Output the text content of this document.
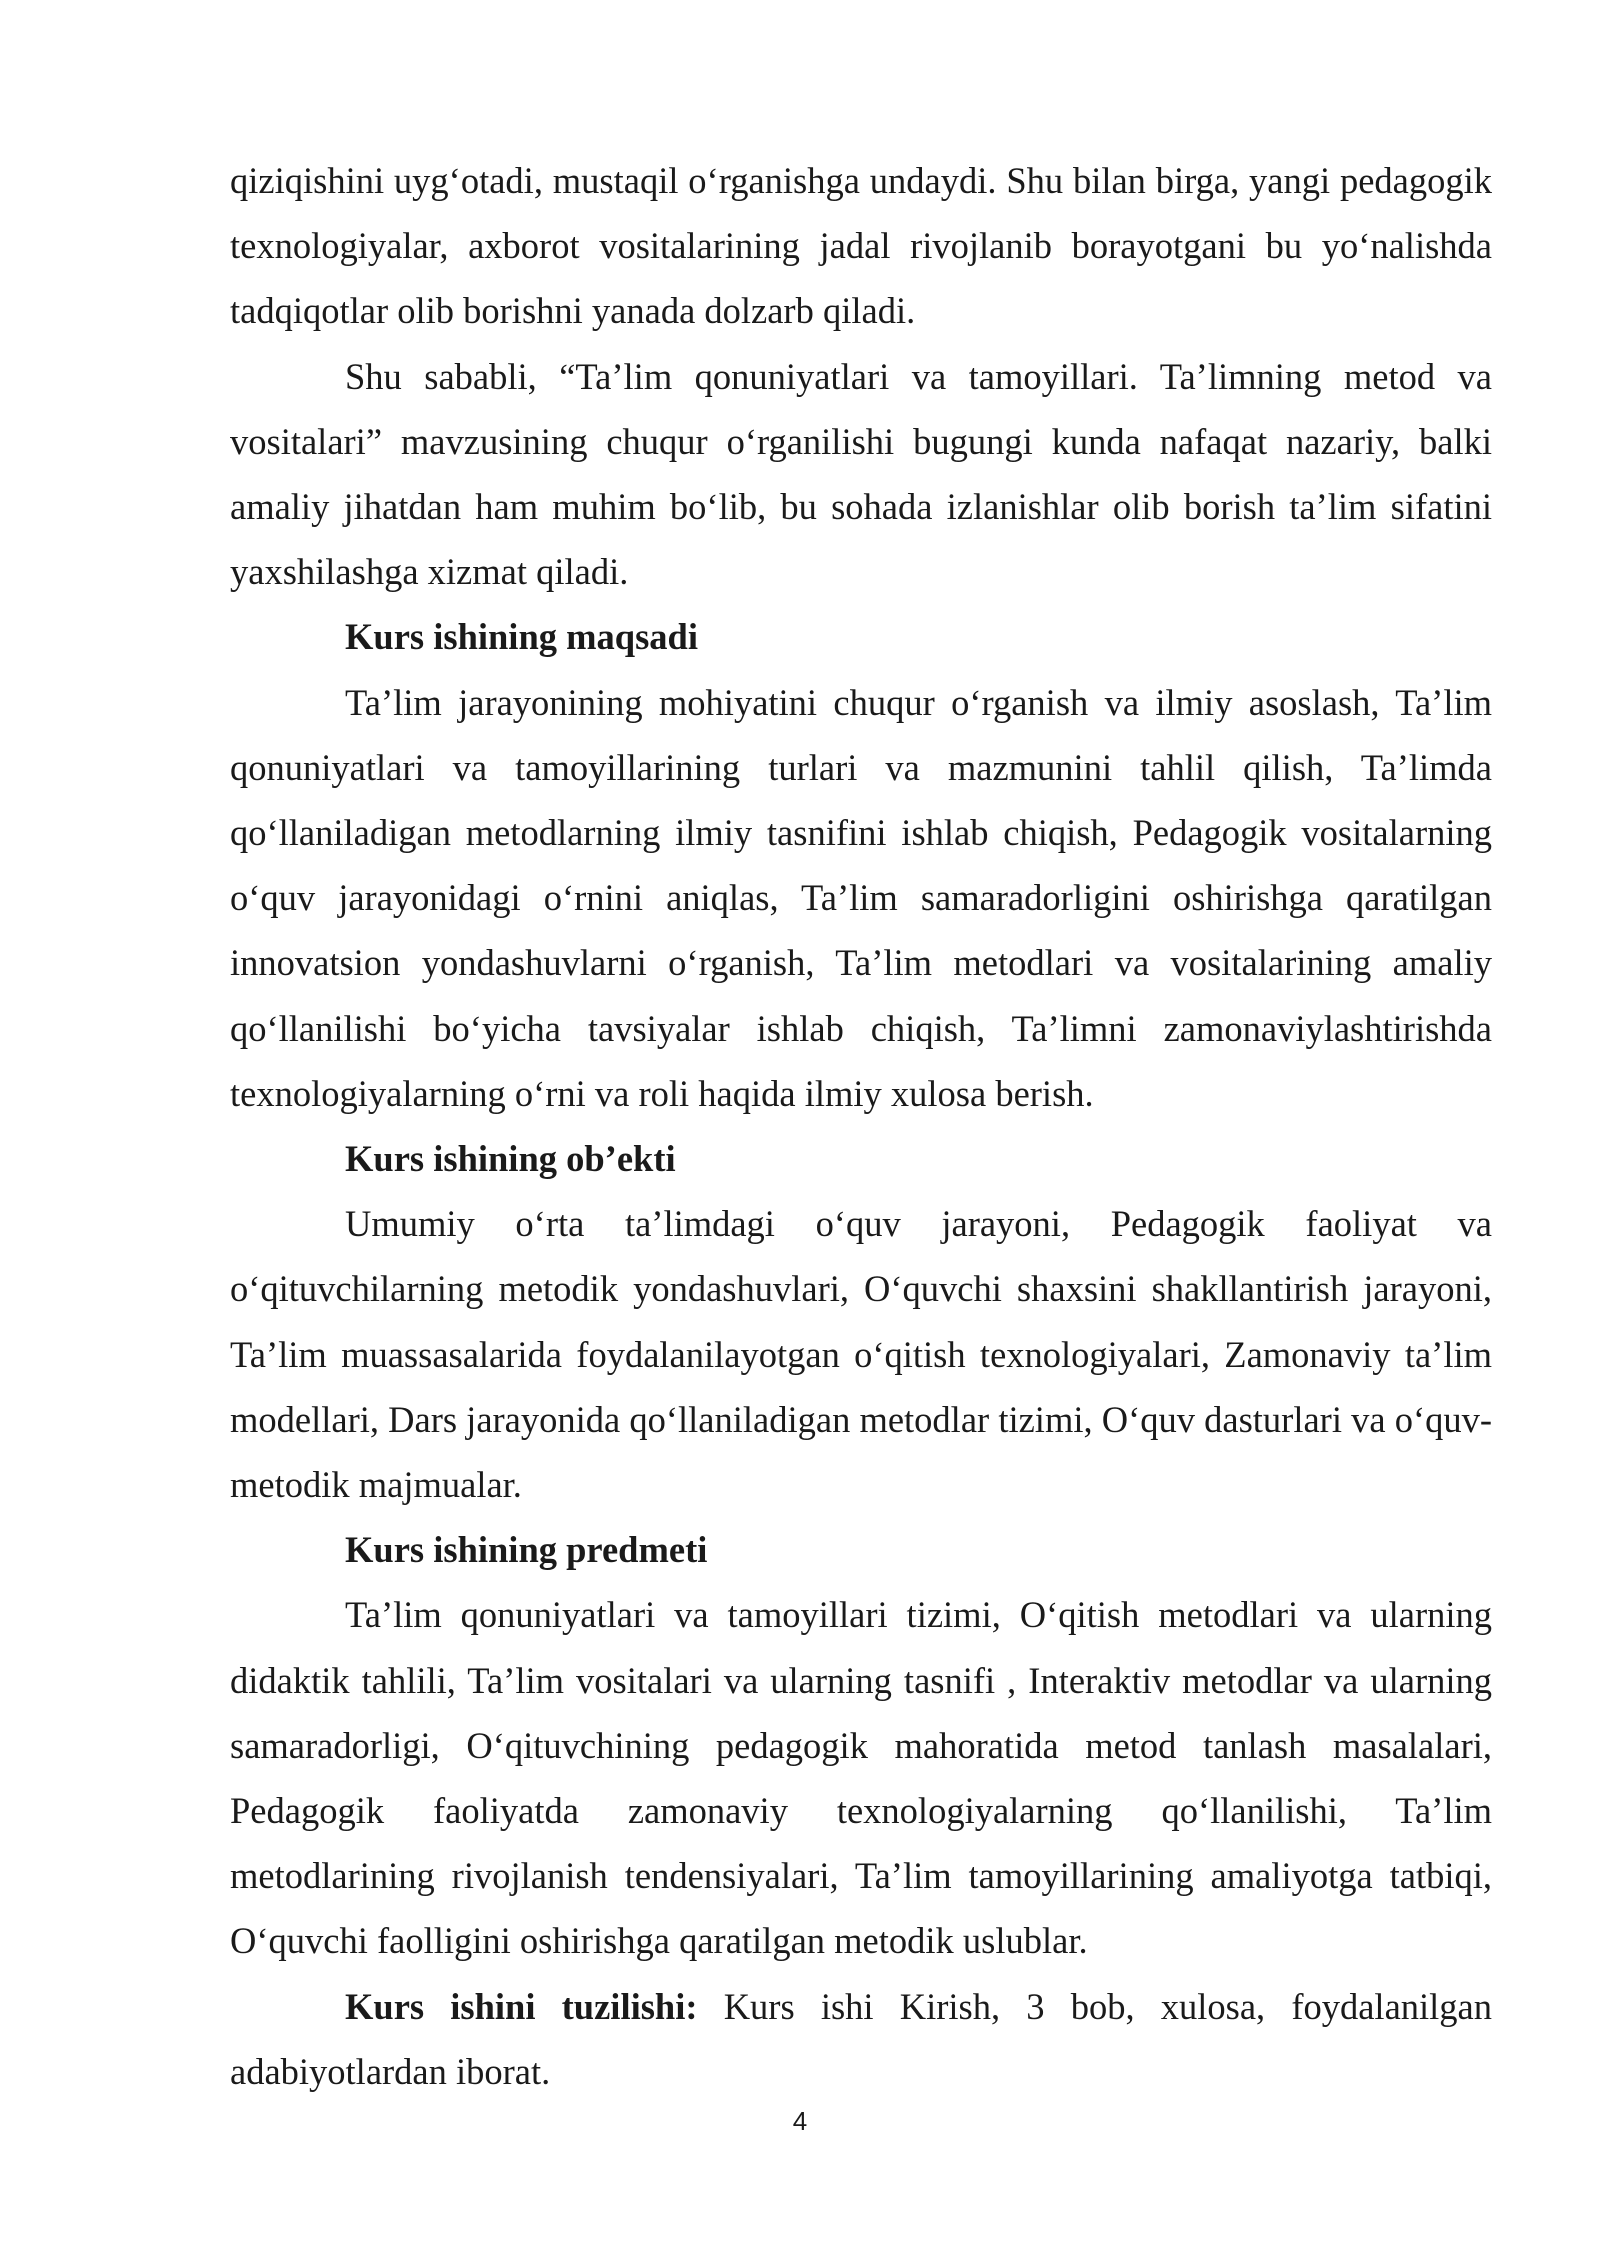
qiziqishini uygʻotadi, mustaqil oʻrganishga undaydi. Shu bilan birga, yangi pedagogik texnologiyalar, axborot vositalarining jadal rivojlanib borayotgani bu yoʻnalishda tadqiqotlar olib borishni yanada dolzarb qiladi.

Shu sababli, “Ta’lim qonuniyatlari va tamoyillari. Ta’limning metod va vositalari” mavzusining chuqur oʻrganilishi bugungi kunda nafaqat nazariy, balki amaliy jihatdan ham muhim boʻlib, bu sohada izlanishlar olib borish ta’lim sifatini yaxshilashga xizmat qiladi.

Kurs ishining maqsadi

Ta’lim jarayonining mohiyatini chuqur oʻrganish va ilmiy asoslash, Ta’lim qonuniyatlari va tamoyillarining turlari va mazmunini tahlil qilish, Ta’limda qoʻllaniladigan metodlarning ilmiy tasnifini ishlab chiqish, Pedagogik vositalarning oʻquv jarayonidagi oʻrnini aniqlas, Ta’lim samaradorligini oshirishga qaratilgan innovatsion yondashuvlarni oʻrganish, Ta’lim metodlari va vositalarining amaliy qoʻllanilishi boʻyicha tavsiyalar ishlab chiqish, Ta’limni zamonaviylashtirishda texnologiyalarning oʻrni va roli haqida ilmiy xulosa berish.

Kurs ishining ob’ekti

Umumiy oʻrta ta’limdagi oʻquv jarayoni, Pedagogik faoliyat va oʻqituvchilarning metodik yondashuvlari, Oʻquvchi shaxsini shakllantirish jarayoni, Ta’lim muassasalarida foydalanilayotgan oʻqitish texnologiyalari, Zamonaviy ta’lim modellari, Dars jarayonida qoʻllaniladigan metodlar tizimi, Oʻquv dasturlari va oʻquv-metodik majmualar.

Kurs ishining predmeti

Ta’lim qonuniyatlari va tamoyillari tizimi, Oʻqitish metodlari va ularning didaktik tahlili, Ta’lim vositalari va ularning tasnifi , Interaktiv metodlar va ularning samaradorligi, Oʻqituvchining pedagogik mahoratida metod tanlash masalalari, Pedagogik faoliyatda zamonaviy texnologiyalarning qoʻllanilishi, Ta’lim metodlarining rivojlanish tendensiyalari, Ta’lim tamoyillarining amaliyotga tatbiqi, Oʻquvchi faolligini oshirishga qaratilgan metodik uslublar.

Kurs ishini tuzilishi: Kurs ishi Kirish, 3 bob, xulosa, foydalanilgan adabiyotlardan iborat.

4
